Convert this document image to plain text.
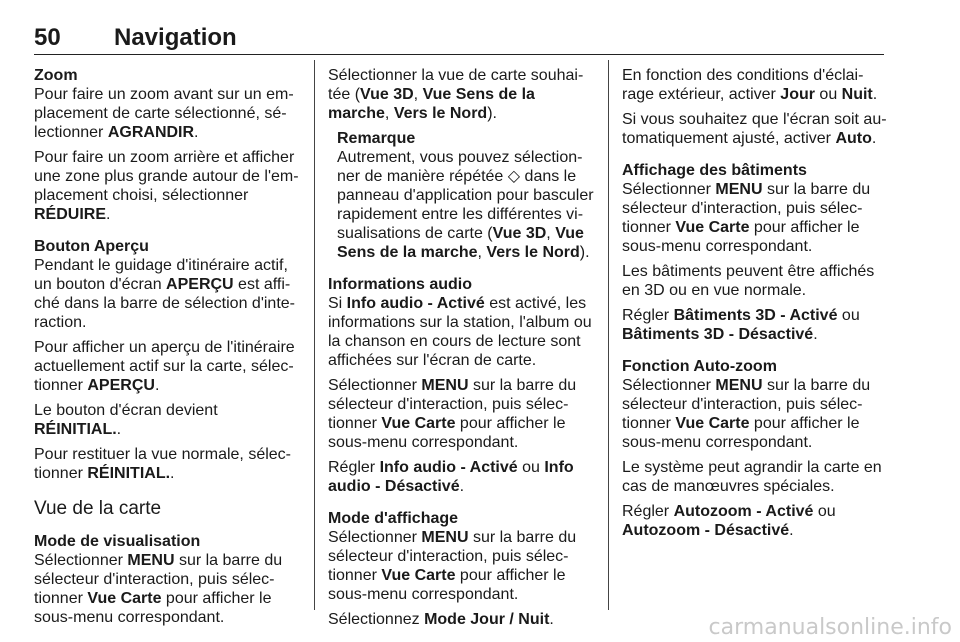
50 Navigation
Zoom

Pour faire un zoom avant sur un em-placement de carte sélectionné, sé-lectionner AGRANDIR.

Pour faire un zoom arrière et afficher une zone plus grande autour de l'em-placement choisi, sélectionner RÉDUIRE.

Bouton Aperçu

Pendant le guidage d'itinéraire actif, un bouton d'écran APERÇU est affi-ché dans la barre de sélection d'inte-raction.

Pour afficher un aperçu de l'itinéraire actuellement actif sur la carte, sélec-tionner APERÇU.

Le bouton d'écran devient
RÉINITIAL..

Pour restituer la vue normale, sélec-tionner RÉINITIAL..

Vue de la carte
Mode de visualisation

Sélectionner MENU sur la barre du sélecteur d'interaction, puis sélec-tionner Vue Carte pour afficher le sous-menu correspondant.

Sélectionner la vue de carte souhai-tée (Vue 3D, Vue Sens de la marche, Vers le Nord).

Remarque

Autrement, vous pouvez sélection-ner de manière répétée ◇ dans le panneau d'application pour basculer rapidement entre les différentes vi-sualisations de carte (Vue 3D, Vue Sens de la marche, Vers le Nord).

Informations audio

Si Info audio - Activé est activé, les informations sur la station, l'album ou la chanson en cours de lecture sont affichées sur l'écran de carte.

Sélectionner MENU sur la barre du sélecteur d'interaction, puis sélec-tionner Vue Carte pour afficher le sous-menu correspondant.

Régler Info audio - Activé ou Info audio - Désactivé.

Mode d'affichage

Sélectionner MENU sur la barre du sélecteur d'interaction, puis sélec-tionner Vue Carte pour afficher le sous-menu correspondant.

Sélectionnez Mode Jour / Nuit.

En fonction des conditions d'éclai-rage extérieur, activer Jour ou Nuit.

Si vous souhaitez que l'écran soit au-tomatiquement ajusté, activer Auto.

Affichage des bâtiments

Sélectionner MENU sur la barre du sélecteur d'interaction, puis sélec-tionner Vue Carte pour afficher le sous-menu correspondant.

Les bâtiments peuvent être affichés en 3D ou en vue normale.

Régler Bâtiments 3D - Activé ou Bâtiments 3D - Désactivé.

Fonction Auto-zoom

Sélectionner MENU sur la barre du sélecteur d'interaction, puis sélec-tionner Vue Carte pour afficher le sous-menu correspondant.

Le système peut agrandir la carte en cas de manœuvres spéciales.

Régler Autozoom - Activé ou Autozoom - Désactivé.

carmanualsonline.info
